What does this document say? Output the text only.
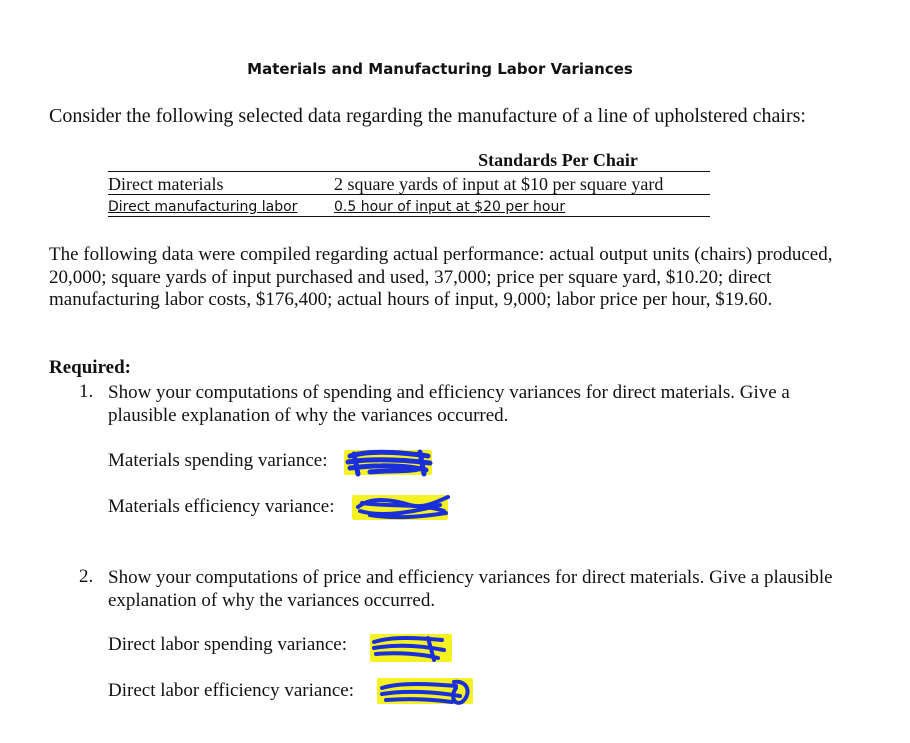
Materials and Manufacturing Labor Variances
Consider the following selected data regarding the manufacture of a line of upholstered chairs:
Standards Per Chair
Direct materials	2 square yards of input at $10 per square yard
Direct manufacturing labor	0.5 hour of input at $20 per hour
The following data were compiled regarding actual performance: actual output units (chairs) produced, 20,000; square yards of input purchased and used, 37,000; price per square yard, $10.20; direct manufacturing labor costs, $176,400; actual hours of input, 9,000; labor price per hour, $19.60.
Required:
1. Show your computations of spending and efficiency variances for direct materials. Give a plausible explanation of why the variances occurred.
Materials spending variance:
Materials efficiency variance:
2. Show your computations of price and efficiency variances for direct materials. Give a plausible explanation of why the variances occurred.
Direct labor spending variance:
Direct labor efficiency variance:
